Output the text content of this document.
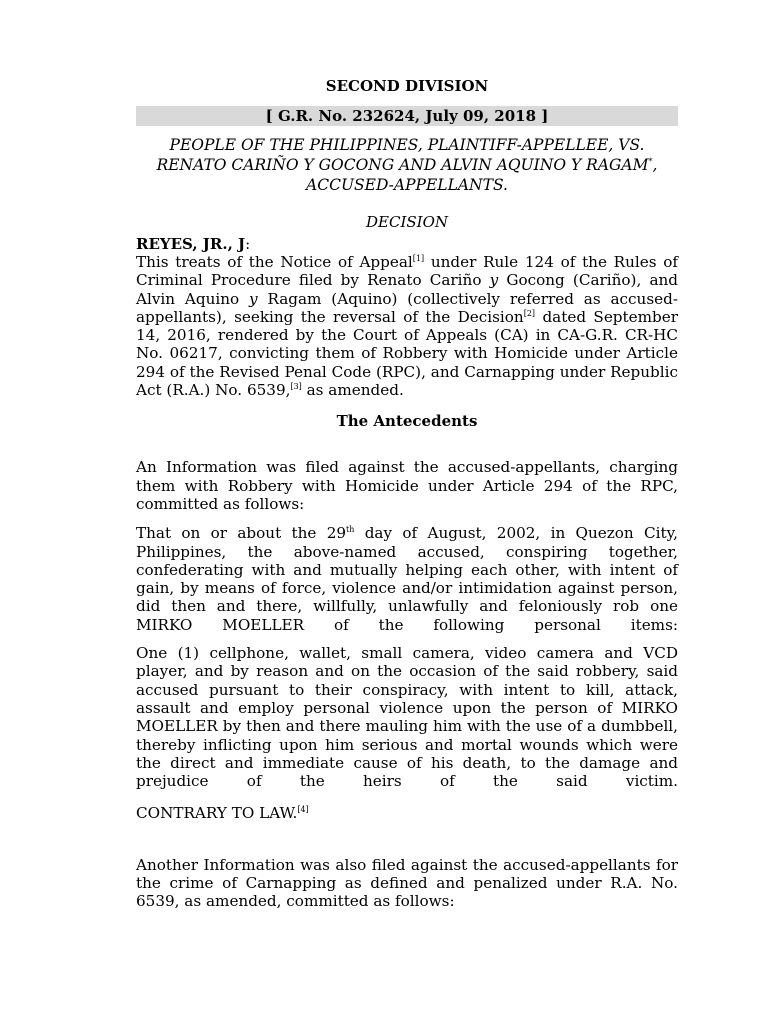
SECOND DIVISION
[ G.R. No. 232624, July 09, 2018 ]
PEOPLE OF THE PHILIPPINES, PLAINTIFF-APPELLEE, VS.
RENATO CARIÑO Y GOCONG AND ALVIN AQUINO Y RAGAM*,
ACCUSED-APPELLANTS.
DECISION
REYES, JR., J:

This treats of the Notice of Appeal[1] under Rule 124 of the Rules of Criminal Procedure filed by Renato Cariño y Gocong (Cariño), and Alvin Aquino y Ragam (Aquino) (collectively referred as accused-appellants), seeking the reversal of the Decision[2] dated September 14, 2016, rendered by the Court of Appeals (CA) in CA-G.R. CR-HC No. 06217, convicting them of Robbery with Homicide under Article 294 of the Revised Penal Code (RPC), and Carnapping under Republic Act (R.A.) No. 6539,[3] as amended.

The Antecedents

An Information was filed against the accused-appellants, charging them with Robbery with Homicide under Article 294 of the RPC, committed as follows:

That on or about the 29th day of August, 2002, in Quezon City, Philippines, the above-named accused, conspiring together, confederating with and mutually helping each other, with intent of gain, by means of force, violence and/or intimidation against person, did then and there, willfully, unlawfully and feloniously rob one MIRKO MOELLER of the following personal items:

One (1) cellphone, wallet, small camera, video camera and VCD player, and by reason and on the occasion of the said robbery, said accused pursuant to their conspiracy, with intent to kill, attack, assault and employ personal violence upon the person of MIRKO MOELLER by then and there mauling him with the use of a dumbbell, thereby inflicting upon him serious and mortal wounds which were the direct and immediate cause of his death, to the damage and prejudice of the heirs of the said victim.

CONTRARY TO LAW.[4]

Another Information was also filed against the accused-appellants for the crime of Carnapping as defined and penalized under R.A. No. 6539, as amended, committed as follows:
